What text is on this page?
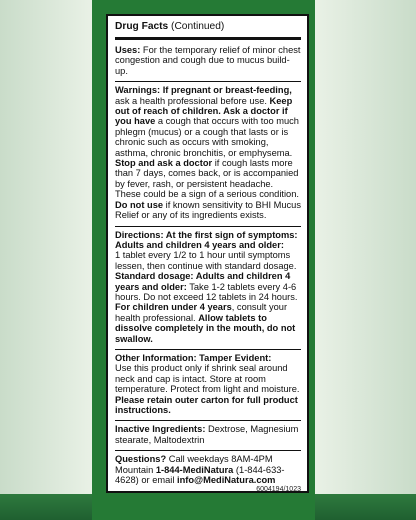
Drug Facts (Continued)
Uses: For the temporary relief of minor chest congestion and cough due to mucus build-up.
Warnings: If pregnant or breast-feeding, ask a health professional before use. Keep out of reach of children. Ask a doctor if you have a cough that occurs with too much phlegm (mucus) or a cough that lasts or is chronic such as occurs with smoking, asthma, chronic bronchitis, or emphysema. Stop and ask a doctor if cough lasts more than 7 days, comes back, or is accompanied by fever, rash, or persistent headache. These could be a sign of a serious condition. Do not use if known sensitivity to BHI Mucus Relief or any of its ingredients exists.
Directions: At the first sign of symptoms:
Adults and children 4 years and older:
1 tablet every 1/2 to 1 hour until symptoms lessen, then continue with standard dosage.
Standard dosage: Adults and children 4 years and older: Take 1-2 tablets every 4-6 hours. Do not exceed 12 tablets in 24 hours.
For children under 4 years, consult your health professional. Allow tablets to dissolve completely in the mouth, do not swallow.
Other Information: Tamper Evident:
Use this product only if shrink seal around neck and cap is intact. Store at room temperature. Protect from light and moisture. Please retain outer carton for full product instructions.
Inactive Ingredients: Dextrose, Magnesium stearate, Maltodextrin
Questions? Call weekdays 8AM-4PM Mountain 1-844-MediNatura (1-844-633-4628) or email info@MediNatura.com
6004194/1023
